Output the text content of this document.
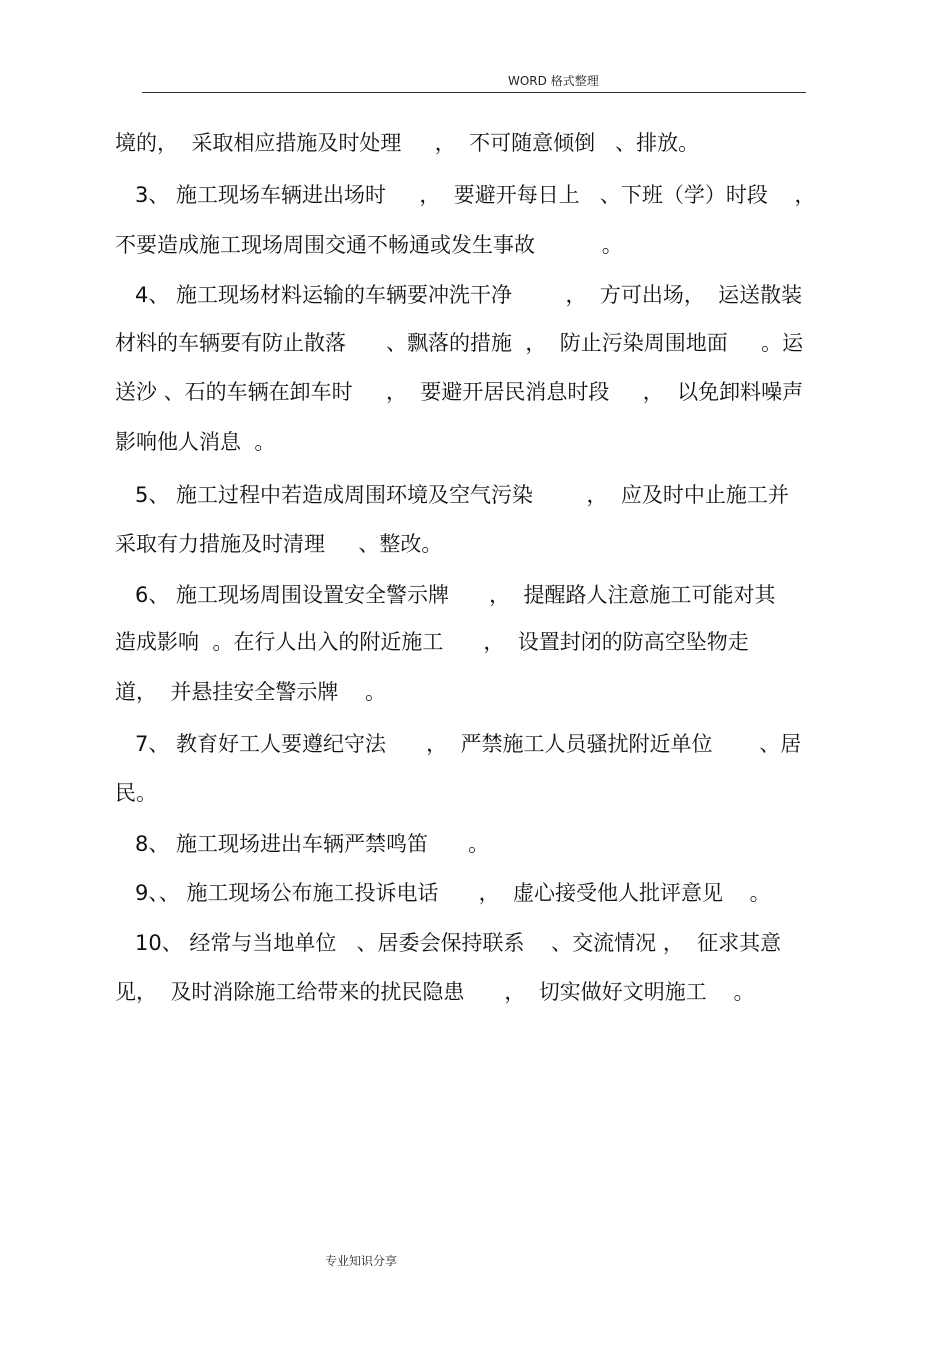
WORD 格式整理
境的，  采取相应措施及时处理     ，  不可随意倾倒   、排放。
3、 施工现场车辆进出场时     ，  要避开每日上   、下班（学）时段    ，
不要造成施工现场周围交通不畅通或发生事故          。
4、 施工现场材料运输的车辆要冲洗干净        ，  方可出场，  运送散装
材料的车辆要有防止散落      、飘落的措施  ，  防止污染周围地面     。运
送沙 、石的车辆在卸车时     ，  要避开居民消息时段     ，  以免卸料噪声
影响他人消息  。
5、 施工过程中若造成周围环境及空气污染        ，  应及时中止施工并
采取有力措施及时清理     、整改。
6、 施工现场周围设置安全警示牌      ，  提醒路人注意施工可能对其
造成影响  。在行人出入的附近施工      ，  设置封闭的防高空坠物走
道，  并悬挂安全警示牌    。
7、 教育好工人要遵纪守法      ，  严禁施工人员骚扰附近单位       、居
民。
8、 施工现场进出车辆严禁鸣笛      。
9、、 施工现场公布施工投诉电话      ，  虚心接受他人批评意见    。
10、 经常与当地单位   、居委会保持联系    、交流情况 ，  征求其意
见，  及时消除施工给带来的扰民隐患      ，  切实做好文明施工    。
专业知识分享
